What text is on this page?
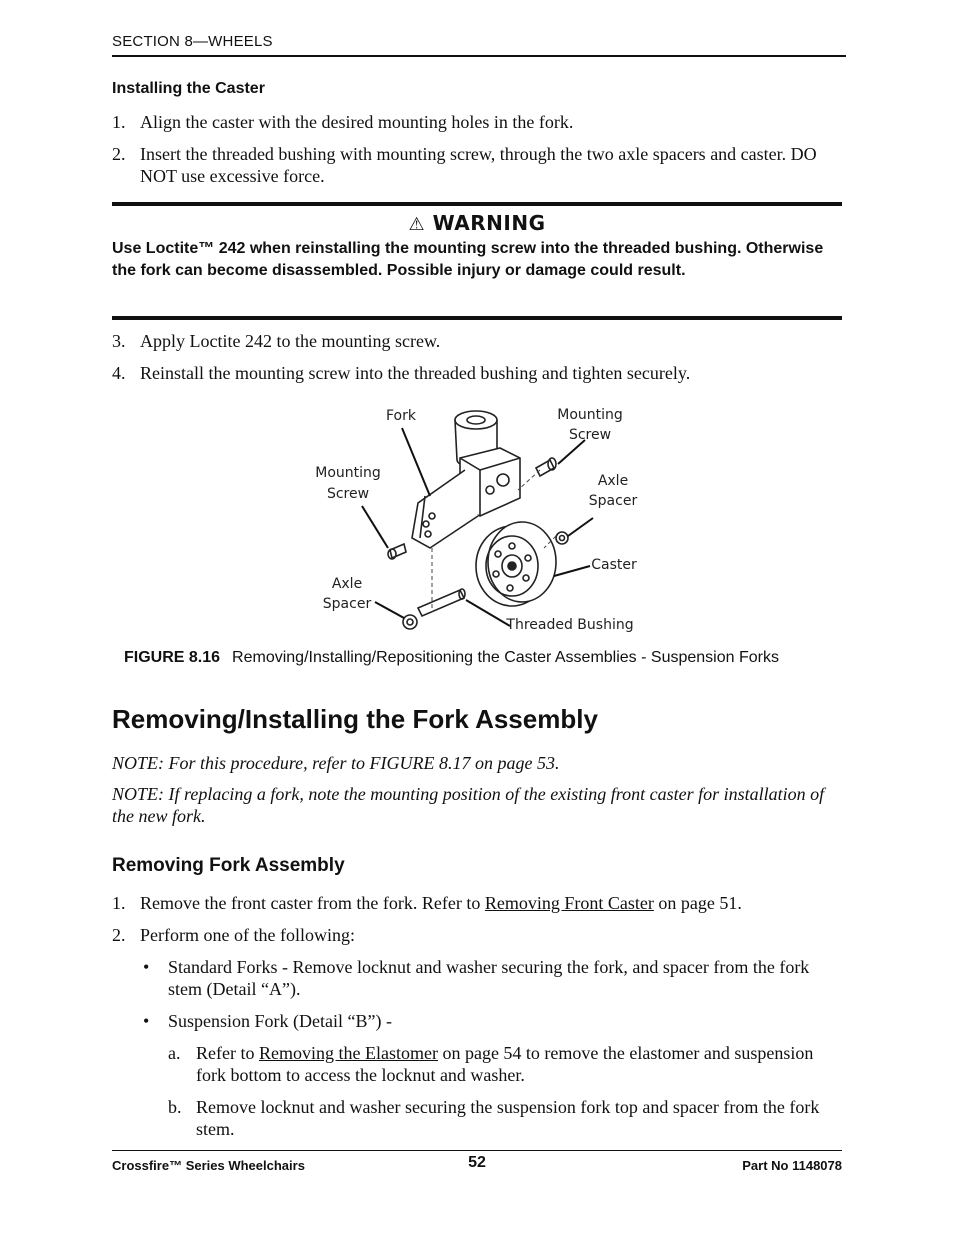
SECTION 8—WHEELS
Installing the Caster
1. Align the caster with the desired mounting holes in the fork.
2. Insert the threaded bushing with mounting screw, through the two axle spacers and caster. DO NOT use excessive force.
⚠ WARNING
Use Loctite™ 242 when reinstalling the mounting screw into the threaded bushing. Otherwise the fork can become disassembled. Possible injury or damage could result.
3. Apply Loctite 242 to the mounting screw.
4. Reinstall the mounting screw into the threaded bushing and tighten securely.
Fork	Mounting
Screw
Mounting
Screw
Axle
Spacer
Caster
Axle
Spacer
Threaded Bushing
FIGURE 8.16 Removing/Installing/Repositioning the Caster Assemblies - Suspension Forks
Removing/Installing the Fork Assembly
NOTE: For this procedure, refer to FIGURE 8.17 on page 53.
NOTE: If replacing a fork, note the mounting position of the existing front caster for installation of the new fork.
Removing Fork Assembly
1. Remove the front caster from the fork. Refer to Removing Front Caster on page 51.
2. Perform one of the following:
• Standard Forks - Remove locknut and washer securing the fork, and spacer from the fork stem (Detail “A”).
• Suspension Fork (Detail “B”) -
a. Refer to Removing the Elastomer on page 54 to remove the elastomer and suspension fork bottom to access the locknut and washer.
b. Remove locknut and washer securing the suspension fork top and spacer from the fork stem.
Crossfire™ Series Wheelchairs	52	Part No 1148078
